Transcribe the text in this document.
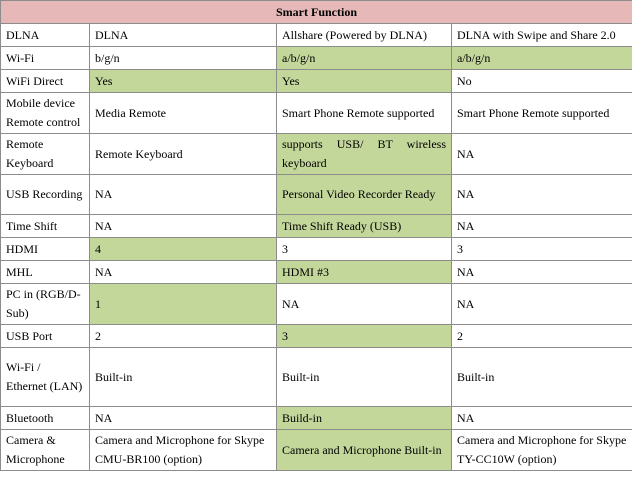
Smart Function			
DLNA	DLNA	Allshare (Powered by DLNA)	DLNA with Swipe and Share 2.0
Wi-Fi	b/g/n	a/b/g/n	a/b/g/n
WiFi Direct	Yes	Yes	No
Mobile device Remote control	Media Remote	Smart Phone Remote supported	Smart Phone Remote supported
Remote Keyboard	Remote Keyboard	supports USB/ BT wireless keyboard	NA
USB Recording	NA	Personal Video Recorder Ready	NA
Time Shift	NA	Time Shift Ready (USB)	NA
HDMI	4	3	3
MHL	NA	HDMI #3	NA
PC in (RGB/D-Sub)	1	NA	NA
USB Port	2	3	2
Wi-Fi / Ethernet (LAN)	Built-in	Built-in	Built-in
Bluetooth	NA	Build-in	NA
Camera & Microphone	Camera and Microphone for Skype CMU-BR100 (option)	Camera and Microphone Built-in	Camera and Microphone for Skype TY-CC10W (option)
